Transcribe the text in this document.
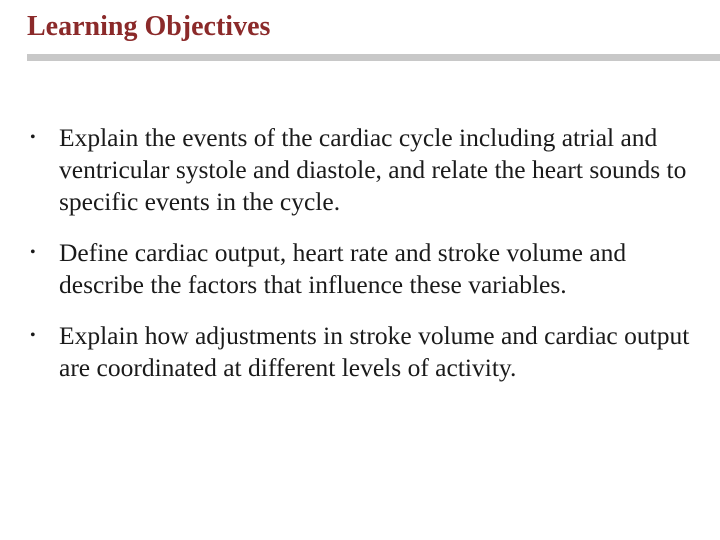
Learning Objectives
• Explain the events of the cardiac cycle including atrial and ventricular systole and diastole, and relate the heart sounds to specific events in the cycle.
• Define cardiac output, heart rate and stroke volume and describe the factors that influence these variables.
• Explain how adjustments in stroke volume and cardiac output are coordinated at different levels of activity.
